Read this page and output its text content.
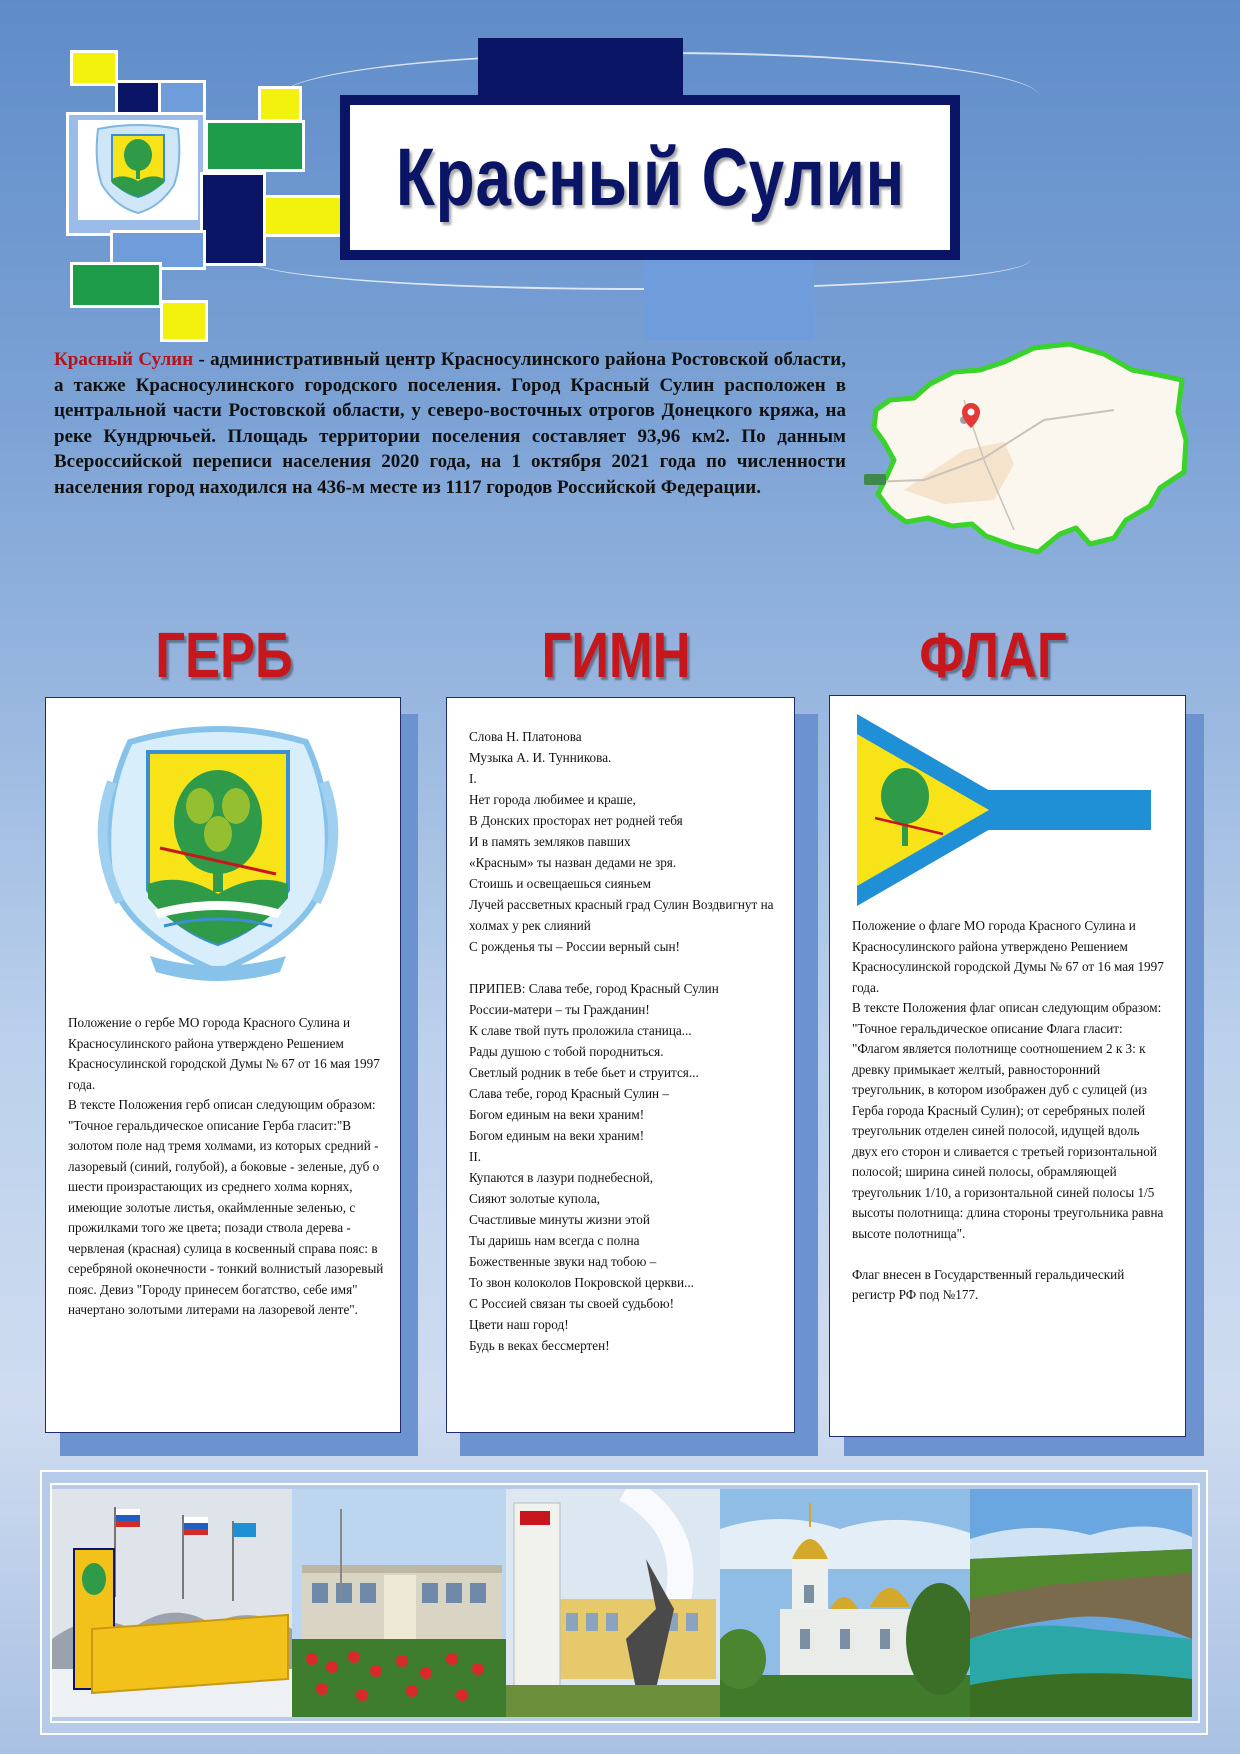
Красный Сулин
Красный Сулин - административный центр Красносулинского района Ростовской области, а также Красносулинского городского поселения. Город Красный Сулин расположен в центральной части Ростовской области, у северо-восточных отрогов Донецкого кряжа, на реке Кундрючьей. Площадь территории поселения составляет 93,96 км2. По данным Всероссийской переписи населения 2020 года, на 1 октября 2021 года по численности населения город находился на 436-м месте из 1117 городов Российской Федерации.
ГЕРБ	ГИМН	ФЛАГ

Положение о гербе МО города Красного Сулина и Красносулинского района утверждено Решением Красносулинской городской Думы № 67 от 16 мая 1997 года.

В тексте Положения герб описан следующим образом:

"Точное геральдическое описание Герба гласит:"В золотом поле над тремя холмами, из которых средний - лазоревый (синий, голубой), а боковые - зеленые, дуб о шести произрастающих из среднего холма корнях, имеющие золотые листья, окаймленные зеленью, с прожилками того же цвета; позади ствола дерева - червленая (красная) сулица в косвенный справа пояс: в серебряной оконечности - тонкий волнистый лазоревый пояс. Девиз "Городу принесем богатство, себе имя" начертано золотыми литерами на лазоревой ленте".

Слова Н. Платонова

Музыка А. И. Тунникова.

I.

Нет города любимее и краше,

В Донских просторах нет родней тебя

И в память земляков павших

«Красным» ты назван дедами не зря.

Стоишь и освещаешься сияньем

Лучей рассветных красный град Сулин Воздвигнут на холмах у рек слияний

С рожденья ты – России верный сын!

ПРИПЕВ: Слава тебе, город Красный Сулин

России-матери – ты Гражданин!

К славе твой путь проложила станица...

Рады душою с тобой породниться.

Светлый родник в тебе бьет и струится...

Слава тебе, город Красный Сулин –

Богом единым на веки храним!

Богом единым на веки храним!

II.

Купаются в лазури поднебесной,

Сияют золотые купола,

Счастливые минуты жизни этой

Ты даришь нам всегда с полна

Божественные звуки над тобою –

То звон колоколов Покровской церкви...

С Россией связан ты своей судьбою!

Цвети наш город!

Будь в веках бессмертен!

Положение о флаге МО города Красного Сулина и Красносулинского района утверждено Решением Красносулинской городской Думы № 67 от 16 мая 1997 года.

В тексте Положения флаг описан следующим образом:

"Точное геральдическое описание Флага гласит: "Флагом является полотнище соотношением 2 к 3: к древку примыкает желтый, равносторонний треугольник, в котором изображен дуб с сулицей (из Герба города Красный Сулин); от серебряных полей треугольник отделен синей полосой, идущей вдоль двух его сторон и сливается с третьей горизонтальной полосой; ширина синей полосы, обрамляющей треугольник 1/10, а горизонтальной синей полосы 1/5 высоты полотнища: длина стороны треугольника равна высоте полотнища".

Флаг внесен в Государственный геральдический регистр РФ под №177.
